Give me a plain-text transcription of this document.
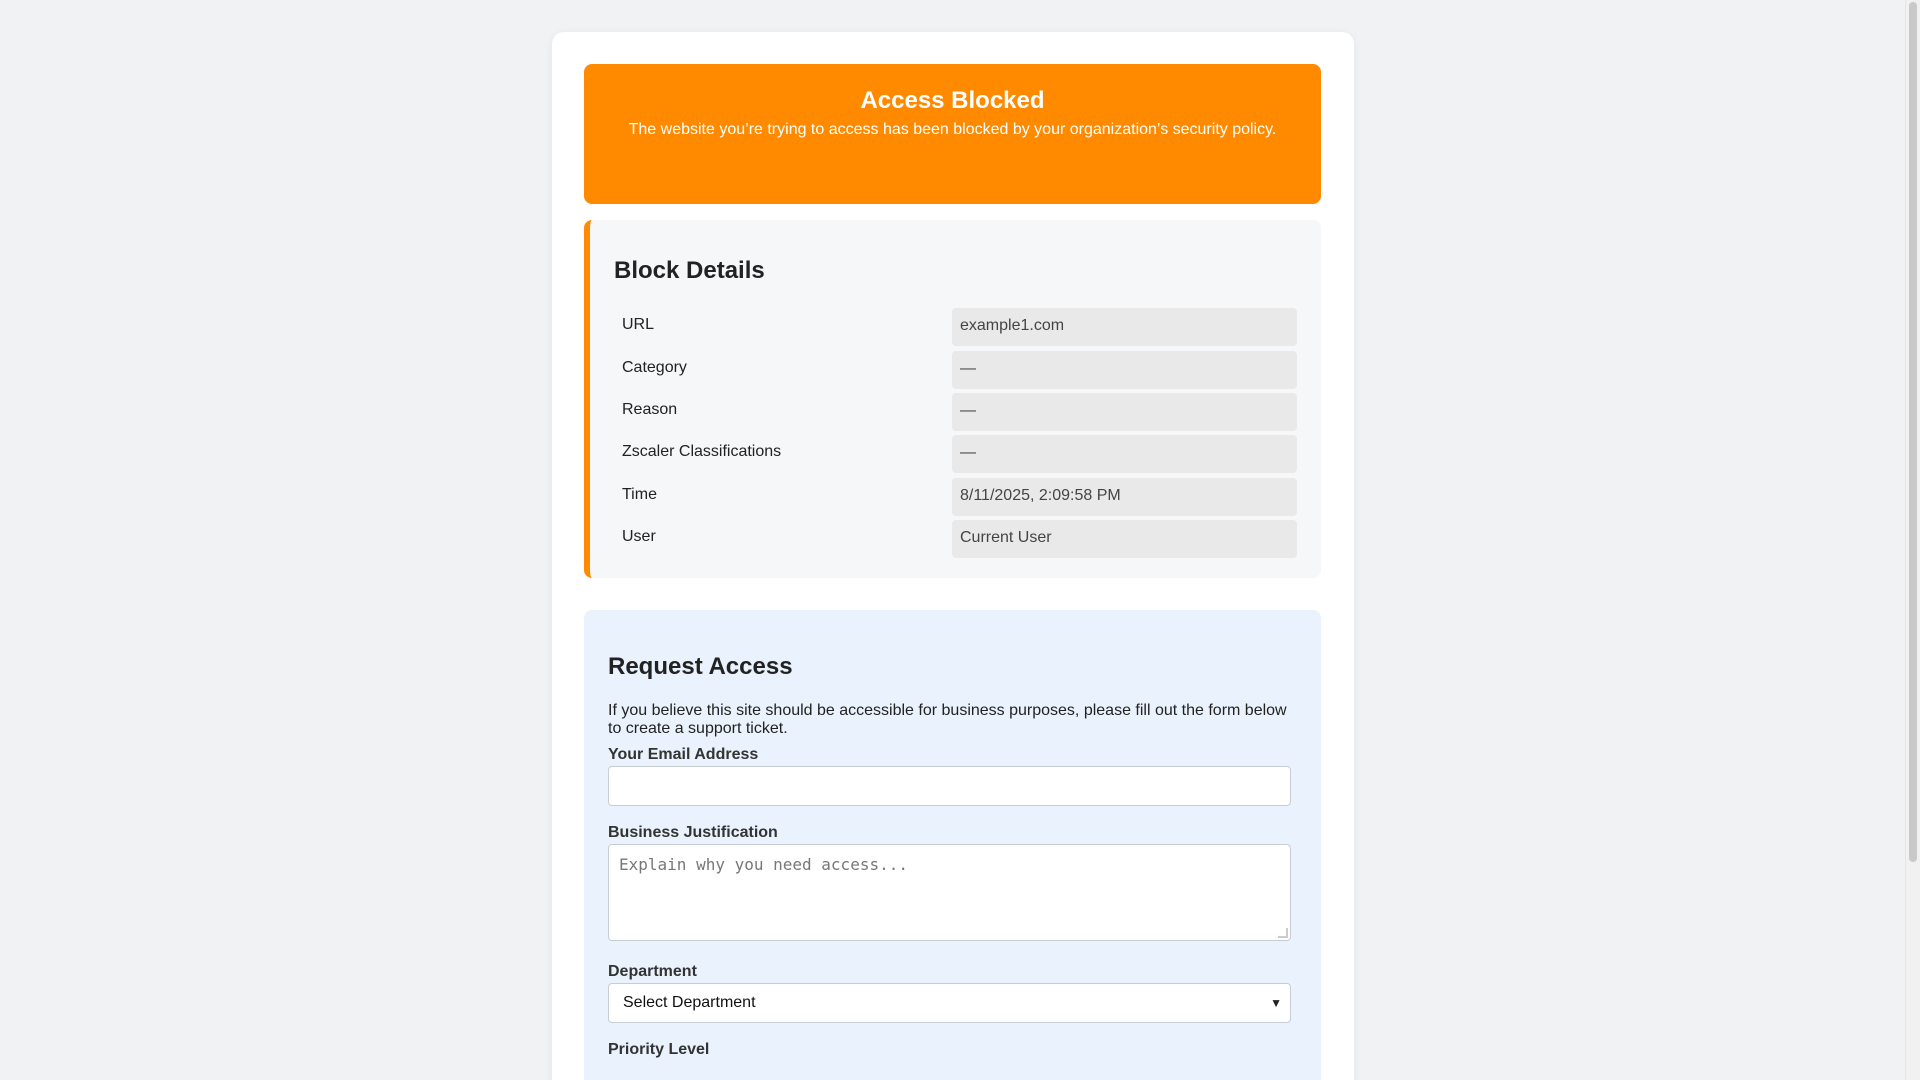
Access Blocked
The website you’re trying to access has been blocked by your organization’s security policy.
Block Details
URL	example1.com
Category	—
Reason	—
Zscaler Classifications	—
Time	8/11/2025, 2:09:58 PM
User	Current User
Request Access

If you believe this site should be accessible for business purposes, please fill out the form below to create a support ticket.

Your Email Address
Business Justification
Explain why you need access...
Department
Select Department	▼
Priority Level
